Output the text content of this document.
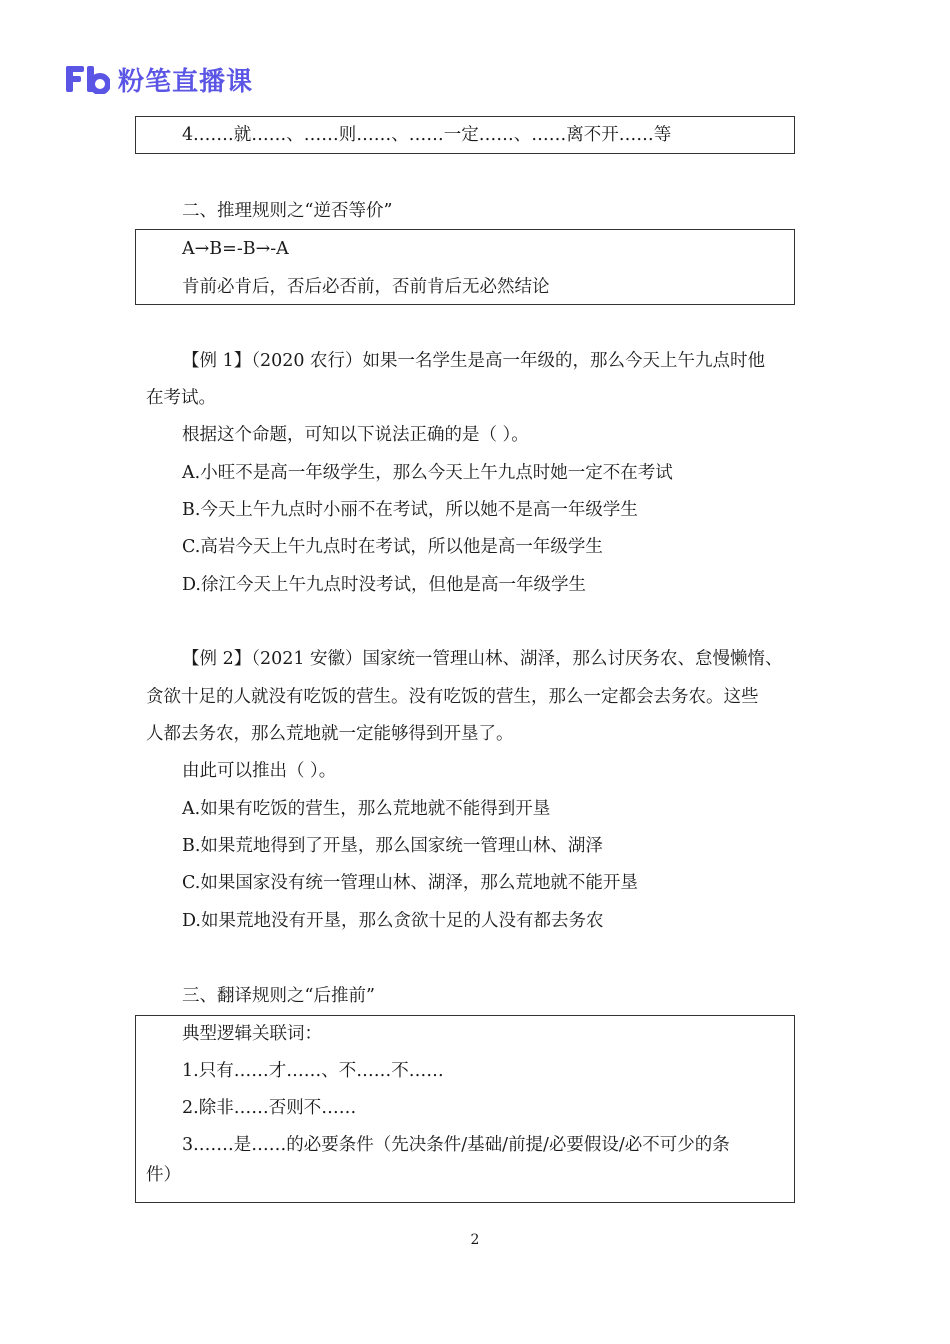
粉笔直播课
4.……就……、……则……、……一定……、……离不开……等
二、推理规则之“逆否等价”
A→B=-B→-A
肯前必肯后，否后必否前，否前肯后无必然结论
【例 1】（2020 农行）如果一名学生是高一年级的，那么今天上午九点时他
在考试。
根据这个命题，可知以下说法正确的是（ ）。
A.小旺不是高一年级学生，那么今天上午九点时她一定不在考试
B.今天上午九点时小丽不在考试，所以她不是高一年级学生
C.高岩今天上午九点时在考试，所以他是高一年级学生
D.徐江今天上午九点时没考试，但他是高一年级学生
【例 2】（2021 安徽）国家统一管理山林、湖泽，那么讨厌务农、怠慢懒惰、
贪欲十足的人就没有吃饭的营生。没有吃饭的营生，那么一定都会去务农。这些
人都去务农，那么荒地就一定能够得到开垦了。
由此可以推出（ ）。
A.如果有吃饭的营生，那么荒地就不能得到开垦
B.如果荒地得到了开垦，那么国家统一管理山林、湖泽
C.如果国家没有统一管理山林、湖泽，那么荒地就不能开垦
D.如果荒地没有开垦，那么贪欲十足的人没有都去务农
三、翻译规则之“后推前”
典型逻辑关联词：
1.只有……才……、不……不……
2.除非……否则不……
3.……是……的必要条件（先决条件/基础/前提/必要假设/必不可少的条
件）
2
